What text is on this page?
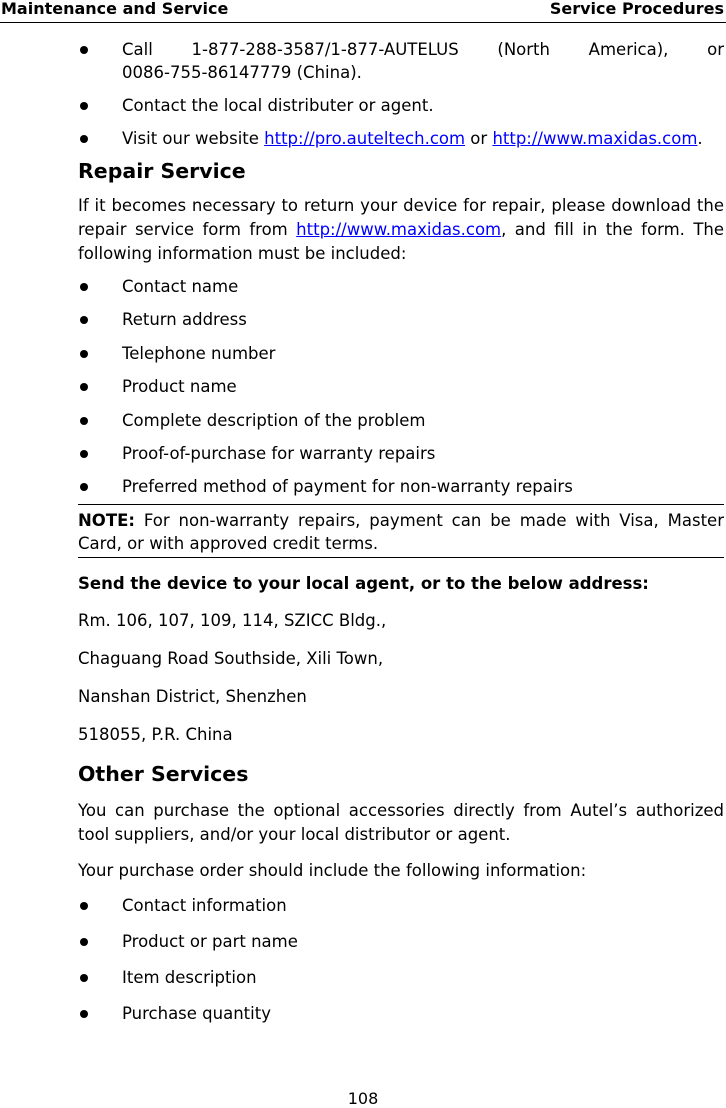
Maintenance and Service	Service Procedures
Call 1-877-288-3587/1-877-AUTELUS (North America), or
0086-755-86147779 (China).
Contact the local distributer or agent.
Visit our website http://pro.auteltech.com or http://www.maxidas.com.
Repair Service

If it becomes necessary to return your device for repair, please download the repair service form from http://www.maxidas.com, and fill in the form. The following information must be included:

Contact name
Return address
Telephone number
Product name
Complete description of the problem
Proof-of-purchase for warranty repairs
Preferred method of payment for non-warranty repairs
NOTE: For non-warranty repairs, payment can be made with Visa, Master Card, or with approved credit terms.

Send the device to your local agent, or to the below address:

Rm. 106, 107, 109, 114, SZICC Bldg.,

Chaguang Road Southside, Xili Town,

Nanshan District, Shenzhen

518055, P.R. China

Other Services

You can purchase the optional accessories directly from Autel’s authorized tool suppliers, and/or your local distributor or agent.

Your purchase order should include the following information:

Contact information
Product or part name
Item description
Purchase quantity
108
